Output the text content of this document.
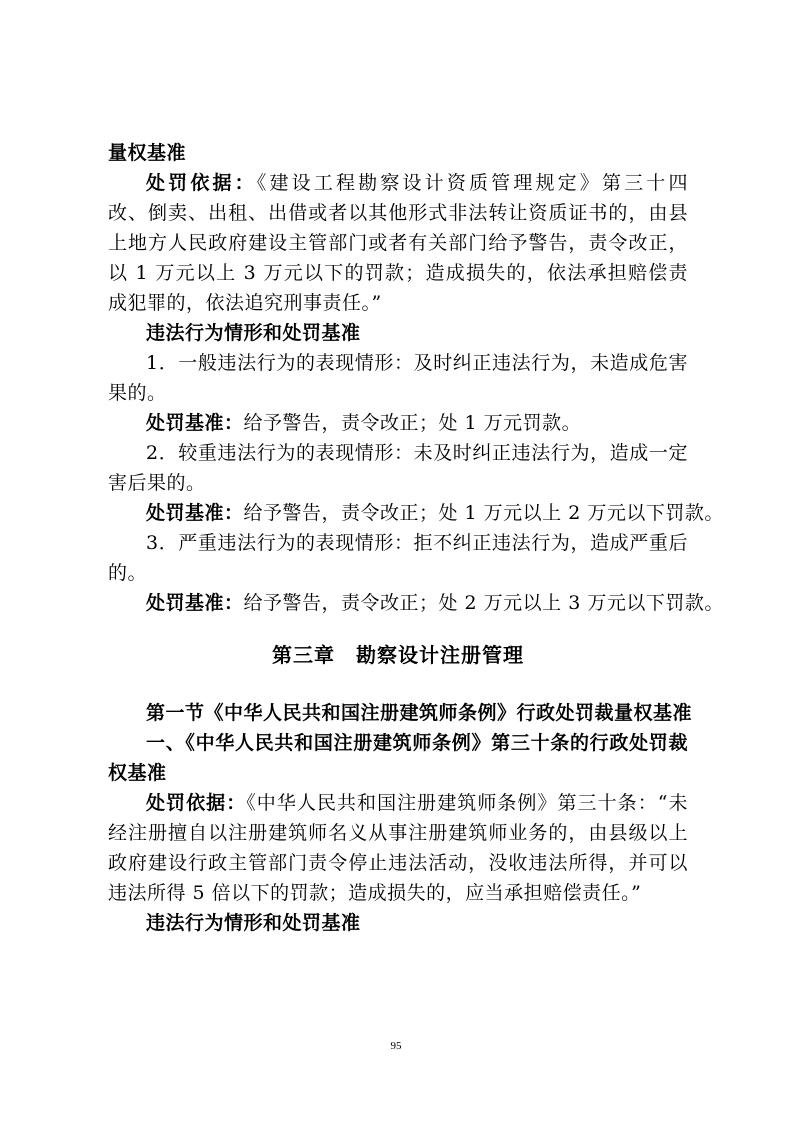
量权基准
处罚依据：《建设工程勘察设计资质管理规定》第三十四
改、倒卖、出租、出借或者以其他形式非法转让资质证书的，由县
上地方人民政府建设主管部门或者有关部门给予警告，责令改正，
以 1 万元以上 3 万元以下的罚款；造成损失的，依法承担赔偿责
成犯罪的，依法追究刑事责任。”
违法行为情形和处罚基准
1．一般违法行为的表现情形：及时纠正违法行为，未造成危害
果的。
处罚基准：给予警告，责令改正；处 1 万元罚款。
2．较重违法行为的表现情形：未及时纠正违法行为，造成一定
害后果的。
处罚基准：给予警告，责令改正；处 1 万元以上 2 万元以下罚款。
3．严重违法行为的表现情形：拒不纠正违法行为，造成严重后
的。
处罚基准：给予警告，责令改正；处 2 万元以上 3 万元以下罚款。
第三章　勘察设计注册管理
第一节《中华人民共和国注册建筑师条例》行政处罚裁量权基准
一、《中华人民共和国注册建筑师条例》第三十条的行政处罚裁
权基准
处罚依据：《中华人民共和国注册建筑师条例》第三十条：“未
经注册擅自以注册建筑师名义从事注册建筑师业务的，由县级以上
政府建设行政主管部门责令停止违法活动，没收违法所得，并可以
违法所得 5 倍以下的罚款；造成损失的，应当承担赔偿责任。”
违法行为情形和处罚基准
95
